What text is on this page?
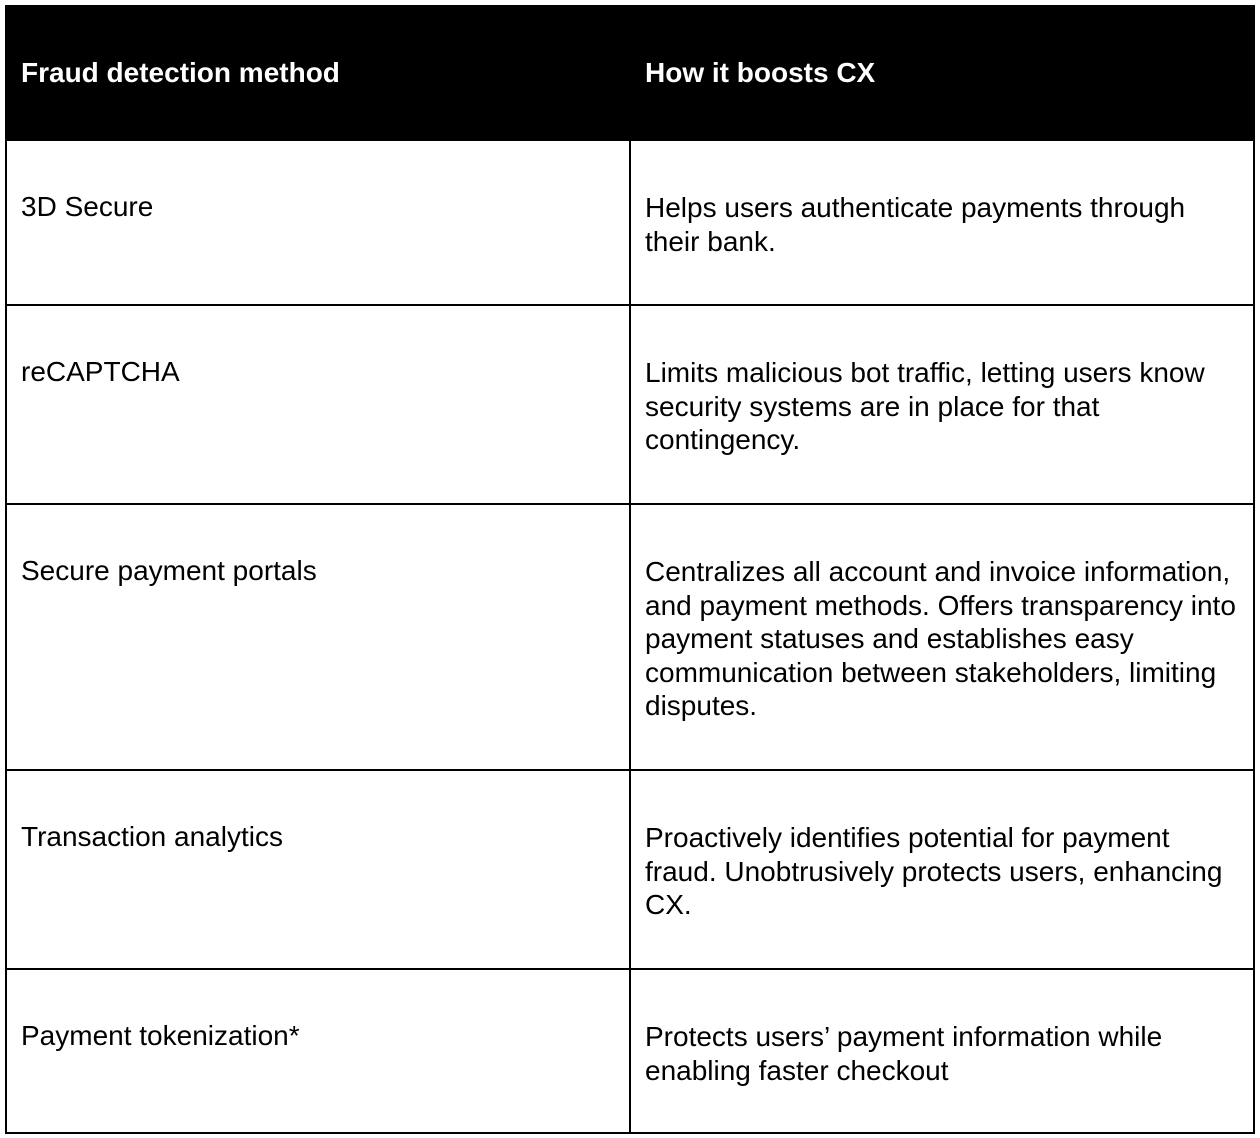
Fraud detection method	How it boosts CX
3D Secure	Helps users authenticate payments through their bank.
reCAPTCHA	Limits malicious bot traffic, letting users know security systems are in place for that contingency.
Secure payment portals	Centralizes all account and invoice information, and payment methods. Offers transparency into payment statuses and establishes easy communication between stakeholders, limiting disputes.
Transaction analytics	Proactively identifies potential for payment fraud. Unobtrusively protects users, enhancing CX.
Payment tokenization*	Protects users’ payment information while enabling faster checkout
